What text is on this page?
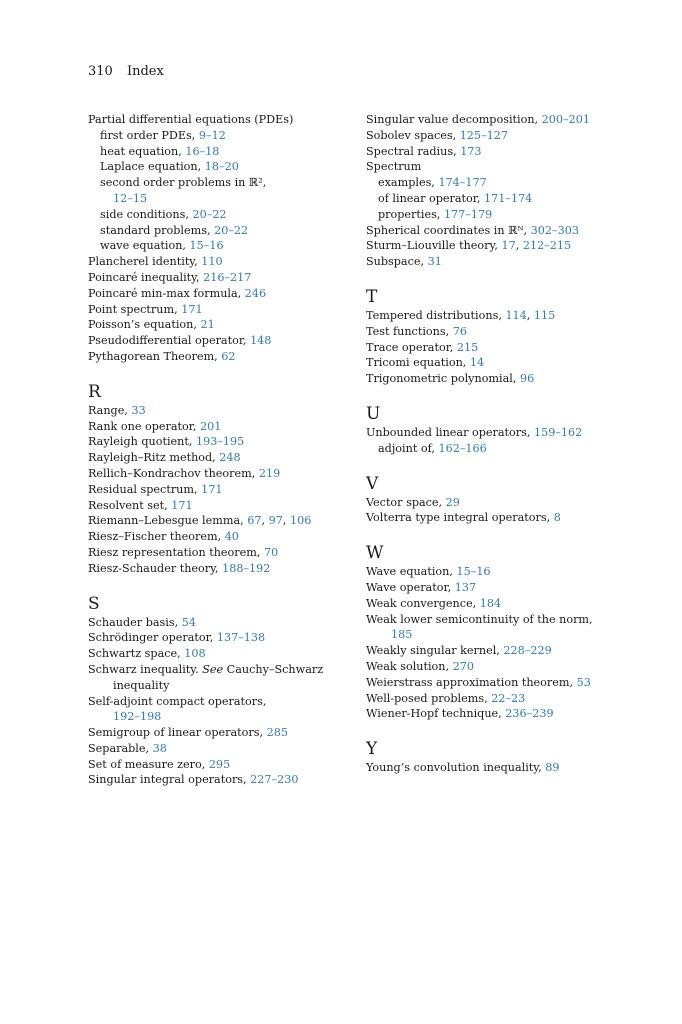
310 Index
Partial differential equations (PDEs)
first order PDEs, 9–12
heat equation, 16–18
Laplace equation, 18–20
second order problems in ℝ²,
12–15
side conditions, 20–22
standard problems, 20–22
wave equation, 15–16
Plancherel identity, 110
Poincaré inequality, 216–217
Poincaré min-max formula, 246
Point spectrum, 171
Poisson’s equation, 21
Pseudodifferential operator, 148
Pythagorean Theorem, 62
R
Range, 33
Rank one operator, 201
Rayleigh quotient, 193–195
Rayleigh–Ritz method, 248
Rellich–Kondrachov theorem, 219
Residual spectrum, 171
Resolvent set, 171
Riemann–Lebesgue lemma, 67, 97, 106
Riesz–Fischer theorem, 40
Riesz representation theorem, 70
Riesz-Schauder theory, 188–192
S
Schauder basis, 54
Schrödinger operator, 137–138
Schwartz space, 108
Schwarz inequality. See Cauchy–Schwarz
inequality
Self-adjoint compact operators,
192–198
Semigroup of linear operators, 285
Separable, 38
Set of measure zero, 295
Singular integral operators, 227–230
Singular value decomposition, 200–201
Sobolev spaces, 125–127
Spectral radius, 173
Spectrum
examples, 174–177
of linear operator, 171–174
properties, 177–179
Spherical coordinates in ℝᴺ, 302–303
Sturm–Liouville theory, 17, 212–215
Subspace, 31
T
Tempered distributions, 114, 115
Test functions, 76
Trace operator, 215
Tricomi equation, 14
Trigonometric polynomial, 96
U
Unbounded linear operators, 159–162
adjoint of, 162–166
V
Vector space, 29
Volterra type integral operators, 8
W
Wave equation, 15–16
Wave operator, 137
Weak convergence, 184
Weak lower semicontinuity of the norm,
185
Weakly singular kernel, 228–229
Weak solution, 270
Weierstrass approximation theorem, 53
Well-posed problems, 22–23
Wiener-Hopf technique, 236–239
Y
Young’s convolution inequality, 89
